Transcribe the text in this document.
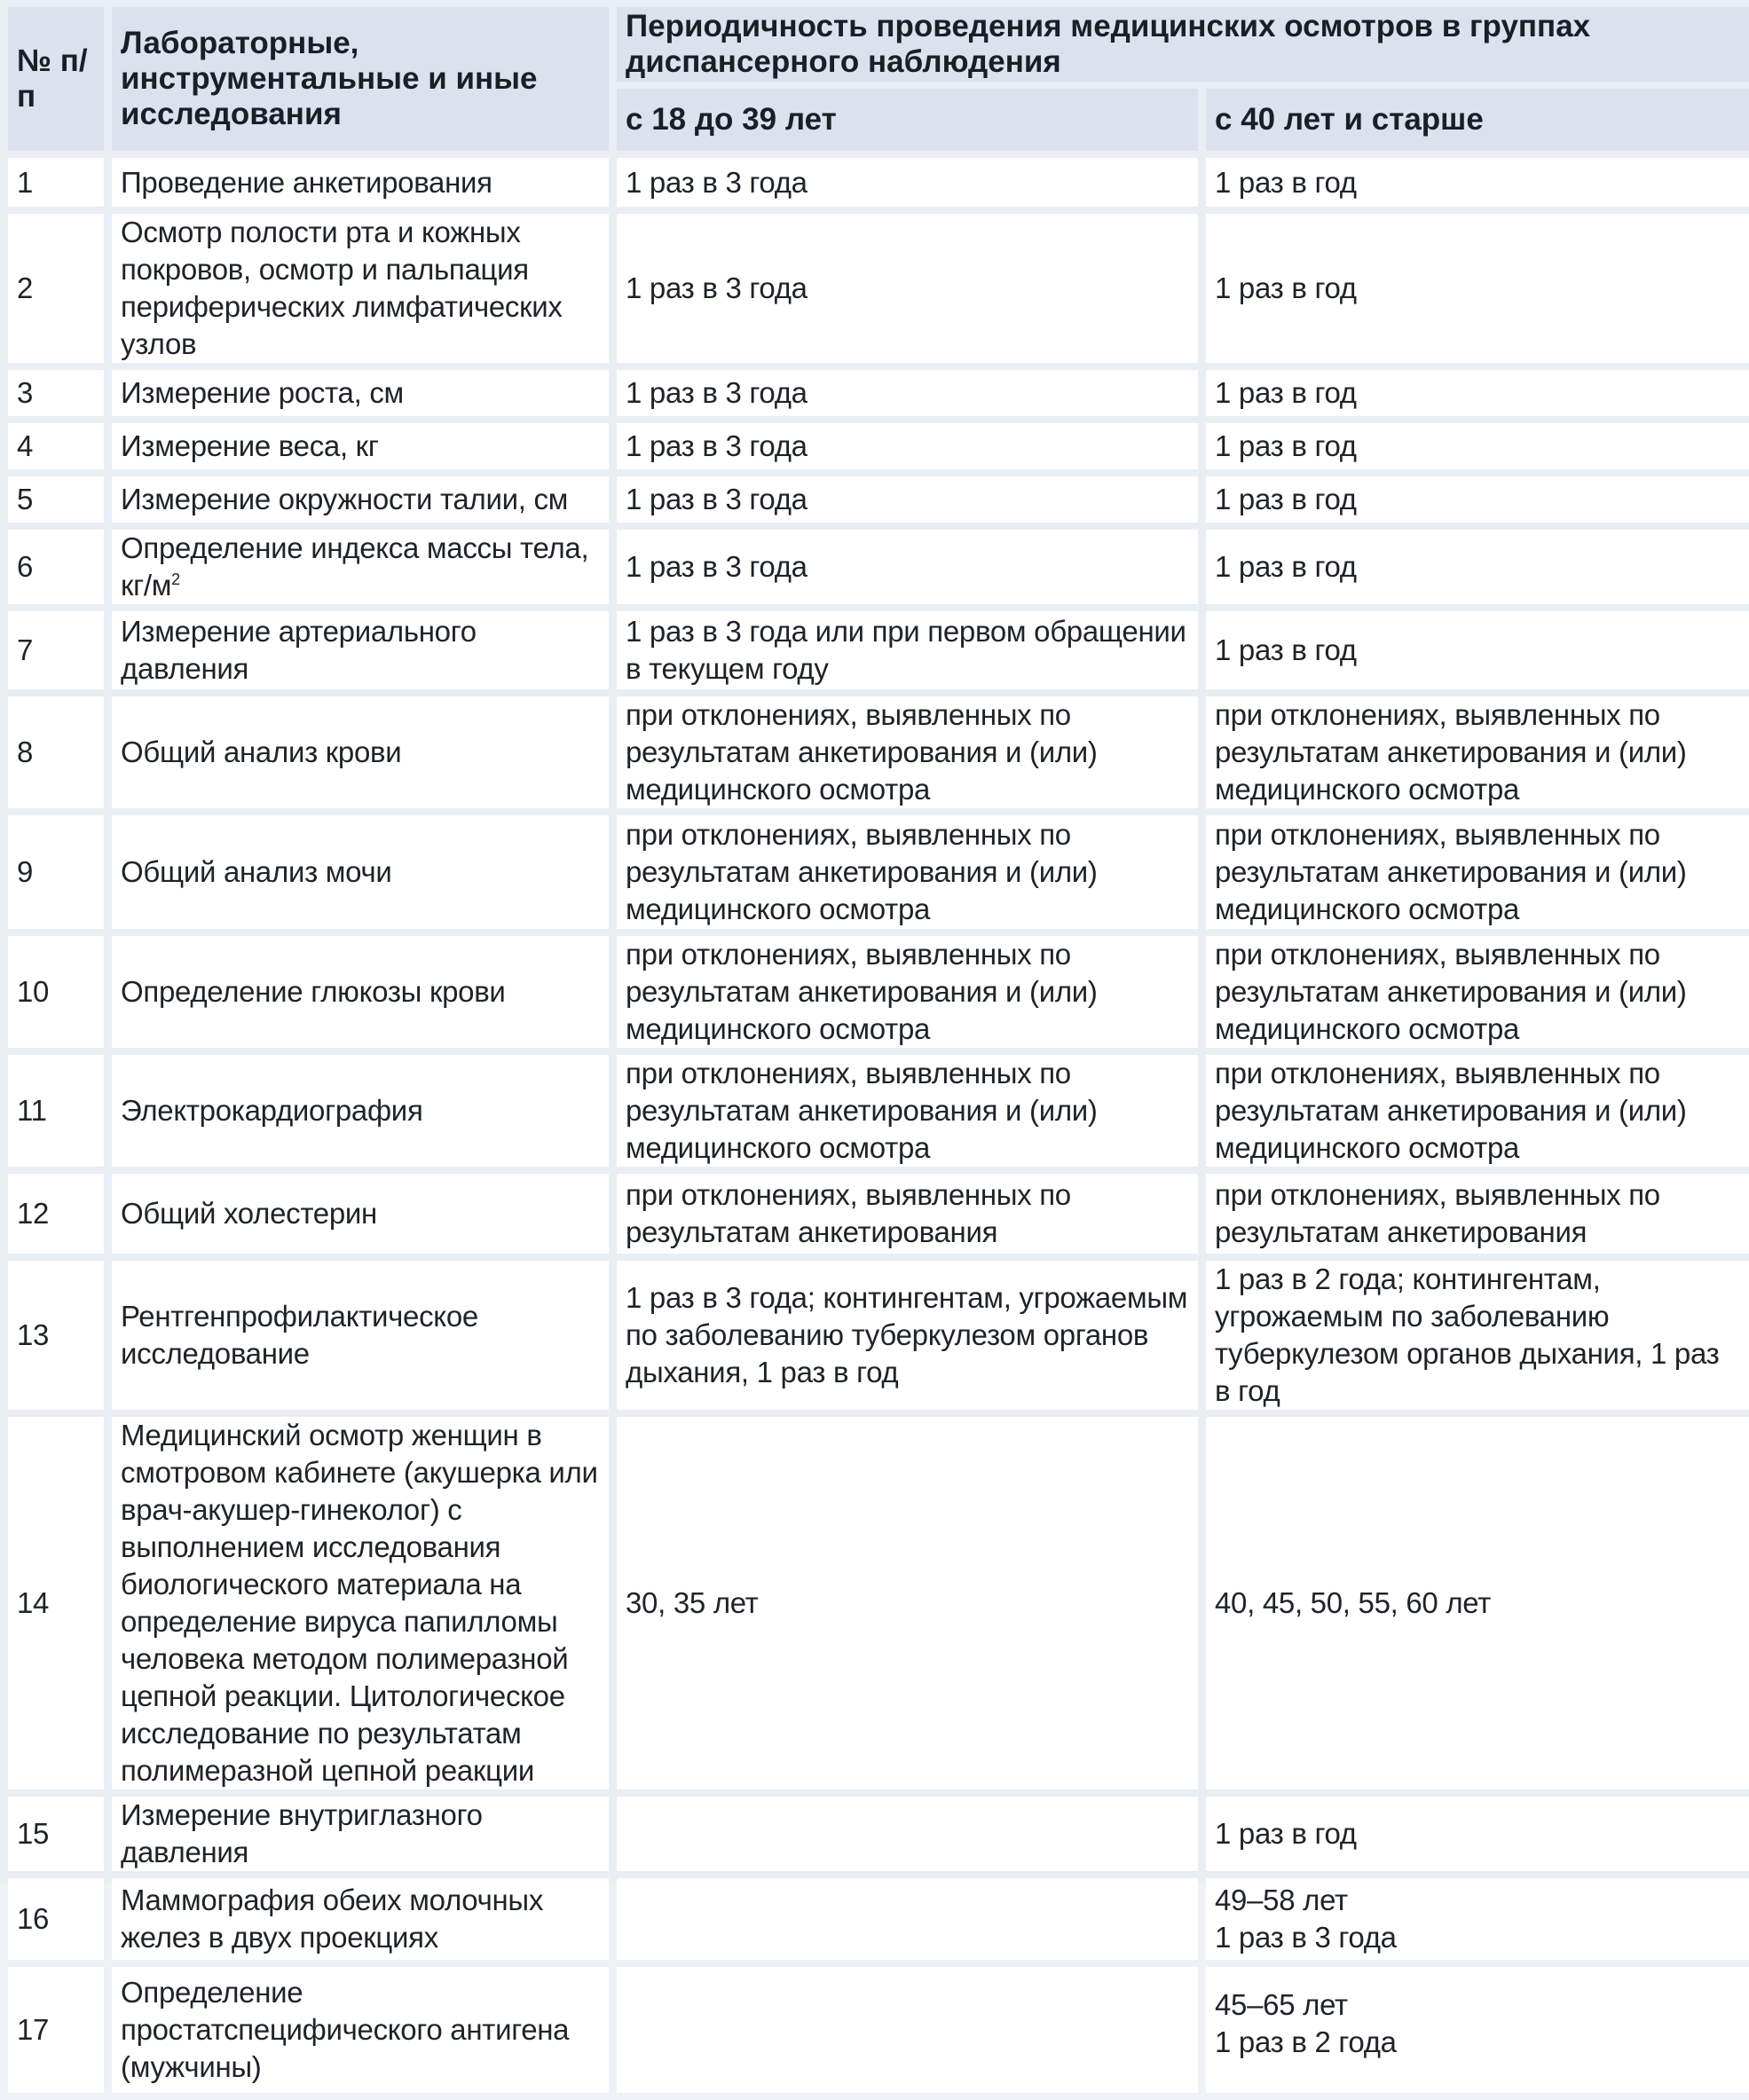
№ п/п	Лабораторные, инструментальные и иные исследования	Периодичность проведения медицинских осмотров в группах диспансерного наблюдения	
		с 18 до 39 лет	с 40 лет и старше
1	Проведение анкетирования	1 раз в 3 года	1 раз в год
2	Осмотр полости рта и кожных покровов, осмотр и пальпация периферических лимфатических узлов	1 раз в 3 года	1 раз в год
3	Измерение роста, см	1 раз в 3 года	1 раз в год
4	Измерение веса, кг	1 раз в 3 года	1 раз в год
5	Измерение окружности талии, см	1 раз в 3 года	1 раз в год
6	Определение индекса массы тела, $кг/м^2$	1 раз в 3 года	1 раз в год
7	Измерение артериального давления	1 раз в 3 года или при первом обращении в текущем году	1 раз в год
8	Общий анализ крови	при отклонениях, выявленных по результатам анкетирования и (или) медицинского осмотра	при отклонениях, выявленных по результатам анкетирования и (или) медицинского осмотра
9	Общий анализ мочи	при отклонениях, выявленных по результатам анкетирования и (или) медицинского осмотра	при отклонениях, выявленных по результатам анкетирования и (или) медицинского осмотра
10	Определение глюкозы крови	при отклонениях, выявленных по результатам анкетирования и (или) медицинского осмотра	при отклонениях, выявленных по результатам анкетирования и (или) медицинского осмотра
11	Электрокардиография	при отклонениях, выявленных по результатам анкетирования и (или) медицинского осмотра	при отклонениях, выявленных по результатам анкетирования и (или) медицинского осмотра
12	Общий холестерин	при отклонениях, выявленных по результатам анкетирования	при отклонениях, выявленных по результатам анкетирования
13	Рентгенпрофилактическое исследование	1 раз в 3 года; контингентам, угрожаемым по заболеванию туберкулезом органов дыхания, 1 раз в год	1 раз в 2 года; контингентам, угрожаемым по заболеванию туберкулезом органов дыхания, 1 раз в год
14	Медицинский осмотр женщин в смотровом кабинете (акушерка или врач-акушер-гинеколог) с выполнением исследования биологического материала на определение вируса папилломы человека методом полимеразной цепной реакции. Цитологическое исследование по результатам полимеразной цепной реакции	30, 35 лет	40, 45, 50, 55, 60 лет
15	Измерение внутриглазного давления		1 раз в год
16	Маммография обеих молочных желез в двух проекциях		49–58 лет
1 раз в 3 года

17	Определение простатспецифического антигена (мужчины)		45–65 лет
1 раз в 2 года
